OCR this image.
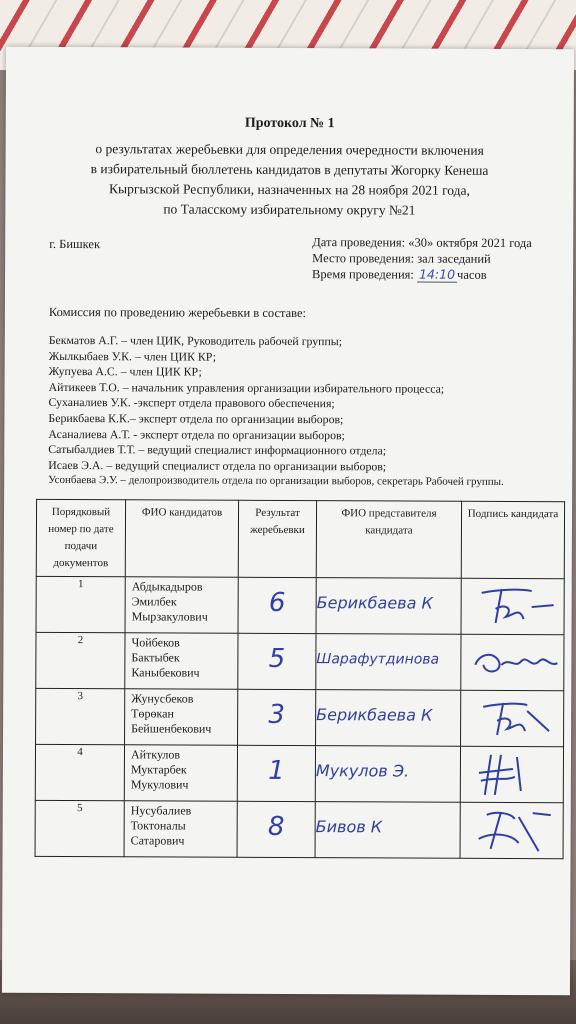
Протокол № 1
о результатах жеребьевки для определения очередности включения
в избирательный бюллетень кандидатов в депутаты Жогорку Кенеша
Кыргызской Республики, назначенных на 28 ноября 2021 года,
по Таласскому избирательному округу №21
г. Бишкек	Дата проведения: «30» октября 2021 года
Место проведения: зал заседаний
Время проведения: 14:10 часов
Комиссия по проведению жеребьевки в составе:
Бекматов А.Г. – член ЦИК, Руководитель рабочей группы;
Жылкыбаев У.К. – член ЦИК КР;
Жупуева А.С. – член ЦИК КР;
Айтикеев Т.О. – начальник управления организации избирательного процесса;
Суханалиев У.К. -эксперт отдела правового обеспечения;
Берикбаева К.К.– эксперт отдела по организации выборов;
Асаналиева А.Т. - эксперт отдела по организации выборов;
Сатыбалдиев Т.Т. – ведущий специалист информационного отдела;
Исаев Э.А. – ведущий специалист отдела по организации выборов;
Усонбаева Э.У. – делопроизводитель отдела по организации выборов, секретарь Рабочей группы.
Порядковый номер по дате подачи документов	ФИО кандидатов	Результат жеребьевки	ФИО представителя кандидата	Подпись кандидата
1	Абдыкадыров
Эмилбек
Мырзакулович	6	Берикбаева К	

2	Чойбеков
Бактыбек
Каныбекович	5	Шарафутдинова	

3	Жунусбеков
Төрөкан
Бейшенбекович	3	Берикбаева К	

4	Айткулов
Муктарбек
Мукулович	1	Мукулов Э.	

5	Нусубалиев
Токтоналы
Сатарович	8	Бивов К	
